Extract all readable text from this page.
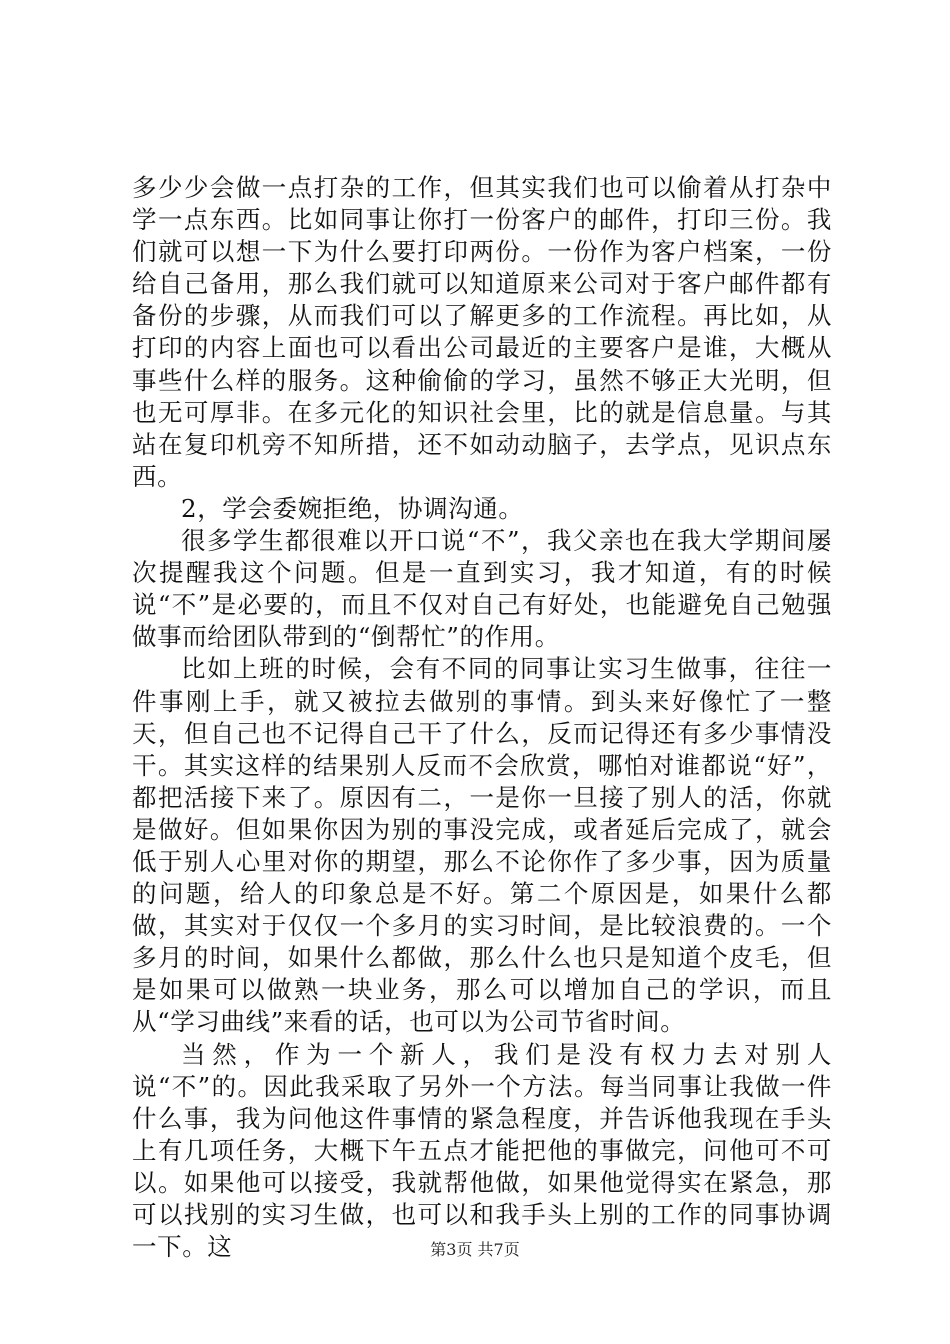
多少少会做一点打杂的工作，但其实我们也可以偷着从打杂中学一点东西。比如同事让你打一份客户的邮件，打印三份。我们就可以想一下为什么要打印两份。一份作为客户档案，一份给自己备用，那么我们就可以知道原来公司对于客户邮件都有备份的步骤，从而我们可以了解更多的工作流程。再比如，从打印的内容上面也可以看出公司最近的主要客户是谁，大概从事些什么样的服务。这种偷偷的学习，虽然不够正大光明，但也无可厚非。在多元化的知识社会里，比的就是信息量。与其站在复印机旁不知所措，还不如动动脑子，去学点，见识点东西。

2，学会委婉拒绝，协调沟通。

很多学生都很难以开口说“不”，我父亲也在我大学期间屡次提醒我这个问题。但是一直到实习，我才知道，有的时候说“不”是必要的，而且不仅对自己有好处，也能避免自己勉强做事而给团队带到的“倒帮忙”的作用。

比如上班的时候，会有不同的同事让实习生做事，往往一件事刚上手，就又被拉去做别的事情。到头来好像忙了一整天，但自己也不记得自己干了什么，反而记得还有多少事情没干。其实这样的结果别人反而不会欣赏，哪怕对谁都说“好”，都把活接下来了。原因有二，一是你一旦接了别人的活，你就是做好。但如果你因为别的事没完成，或者延后完成了，就会低于别人心里对你的期望，那么不论你作了多少事，因为质量的问题，给人的印象总是不好。第二个原因是，如果什么都做，其实对于仅仅一个多月的实习时间，是比较浪费的。一个多月的时间，如果什么都做，那么什么也只是知道个皮毛，但是如果可以做熟一块业务，那么可以增加自己的学识，而且从“学习曲线”来看的话，也可以为公司节省时间。

当然，作为一个新人，我们是没有权力去对别人说“不”的。因此我采取了另外一个方法。每当同事让我做一件什么事，我为问他这件事情的紧急程度，并告诉他我现在手头上有几项任务，大概下午五点才能把他的事做完，问他可不可以。如果他可以接受，我就帮他做，如果他觉得实在紧急，那可以找别的实习生做，也可以和我手头上别的工作的同事协调一下。这	第3页 共7页
